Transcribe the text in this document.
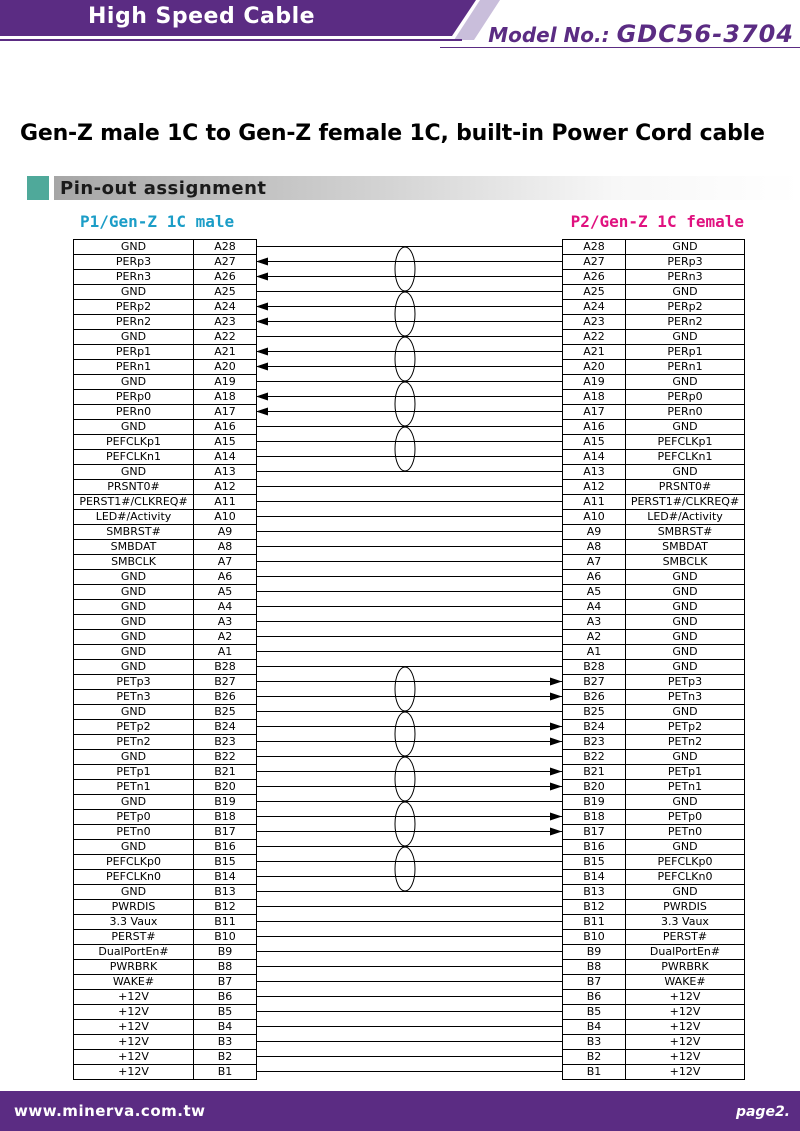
High Speed Cable
Model No.: GDC56-3704
Gen-Z male 1C to Gen-Z female 1C, built-in Power Cord cable
Pin-out assignment
P1/Gen-Z 1C male	P2/Gen-Z 1C female
GND	A28
PERp3	A27
PERn3	A26
GND	A25
PERp2	A24
PERn2	A23
GND	A22
PERp1	A21
PERn1	A20
GND	A19
PERp0	A18
PERn0	A17
GND	A16
PEFCLKp1	A15
PEFCLKn1	A14
GND	A13
PRSNT0#	A12
PERST1#/CLKREQ#	A11
LED#/Activity	A10
SMBRST#	A9
SMBDAT	A8
SMBCLK	A7
GND	A6
GND	A5
GND	A4
GND	A3
GND	A2
GND	A1
GND	B28
PETp3	B27
PETn3	B26
GND	B25
PETp2	B24
PETn2	B23
GND	B22
PETp1	B21
PETn1	B20
GND	B19
PETp0	B18
PETn0	B17
GND	B16
PEFCLKp0	B15
PEFCLKn0	B14
GND	B13
PWRDIS	B12
3.3 Vaux	B11
PERST#	B10
DualPortEn#	B9
PWRBRK	B8
WAKE#	B7
+12V	B6
+12V	B5
+12V	B4
+12V	B3
+12V	B2
+12V	B1
A28	GND
A27	PERp3
A26	PERn3
A25	GND
A24	PERp2
A23	PERn2
A22	GND
A21	PERp1
A20	PERn1
A19	GND
A18	PERp0
A17	PERn0
A16	GND
A15	PEFCLKp1
A14	PEFCLKn1
A13	GND
A12	PRSNT0#
A11	PERST1#/CLKREQ#
A10	LED#/Activity
A9	SMBRST#
A8	SMBDAT
A7	SMBCLK
A6	GND
A5	GND
A4	GND
A3	GND
A2	GND
A1	GND
B28	GND
B27	PETp3
B26	PETn3
B25	GND
B24	PETp2
B23	PETn2
B22	GND
B21	PETp1
B20	PETn1
B19	GND
B18	PETp0
B17	PETn0
B16	GND
B15	PEFCLKp0
B14	PEFCLKn0
B13	GND
B12	PWRDIS
B11	3.3 Vaux
B10	PERST#
B9	DualPortEn#
B8	PWRBRK
B7	WAKE#
B6	+12V
B5	+12V
B4	+12V
B3	+12V
B2	+12V
B1	+12V
www.minerva.com.tw	page2.
